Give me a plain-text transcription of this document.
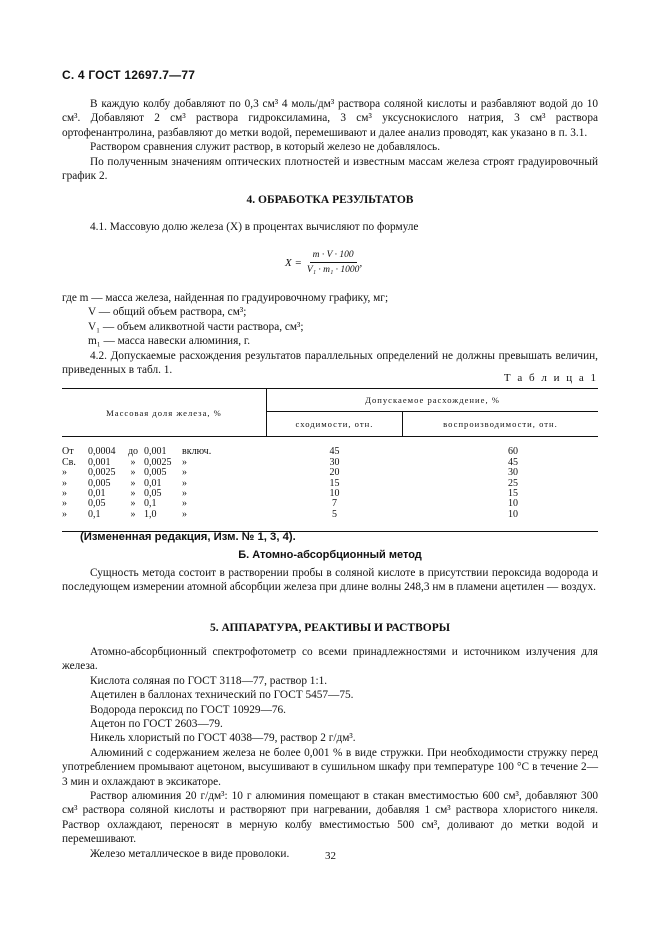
С. 4 ГОСТ 12697.7—77

В каждую колбу добавляют по 0,3 см³ 4 моль/дм³ раствора соляной кислоты и разбавляют водой до 10 см³. Добавляют 2 см³ раствора гидроксиламина, 3 см³ уксуснокислого натрия, 3 см³ раствора ортофенантролина, разбавляют до метки водой, перемешивают и далее анализ проводят, как указано в п. 3.1.

Раствором сравнения служит раствор, в который железо не добавлялось.

По полученным значениям оптических плотностей и известным массам железа строят градуировочный график 2.

4. ОБРАБОТКА РЕЗУЛЬТАТОВ

4.1. Массовую долю железа (X) в процентах вычисляют по формуле

$X = \frac{m \cdot V \cdot 100}{\text{V₁ · m₁ · 1000}}$ ,

где m — масса железа, найденная по градуировочному графику, мг;

V — общий объем раствора, см³;

V₁ — объем аликвотной части раствора, см³;

m₁ — масса навески алюминия, г.

4.2. Допускаемые расхождения результатов параллельных определений не должны превышать величин, приведенных в табл. 1.

Т а б л и ц а 1
Массовая доля железа, %	Допускаемое расхождение, %	
	сходимости, отн.	воспроизводимости, отн.

От 0,0004 до 0,001 включ.	45	60
Св. 0,001 » 0,0025 »	30	45
» 0,0025 » 0,005 »	20	30
» 0,005 » 0,01 »	15	25
» 0,01 » 0,05 »	10	15
» 0,05 » 0,1 »	7	10
» 0,1 » 1,0 »	5	10

(Измененная редакция, Изм. № 1, 3, 4).
Б. Атомно-абсорбционный метод

Сущность метода состоит в растворении пробы в соляной кислоте в присутствии пероксида водорода и последующем измерении атомной абсорбции железа при длине волны 248,3 нм в пламени ацетилен — воздух.

5. АППАРАТУРА, РЕАКТИВЫ И РАСТВОРЫ

Атомно-абсорбционный спектрофотометр со всеми принадлежностями и источником излучения для железа.

Кислота соляная по ГОСТ 3118—77, раствор 1:1.

Ацетилен в баллонах технический по ГОСТ 5457—75.

Водорода пероксид по ГОСТ 10929—76.

Ацетон по ГОСТ 2603—79.

Никель хлористый по ГОСТ 4038—79, раствор 2 г/дм³.

Алюминий с содержанием железа не более 0,001 % в виде стружки. При необходимости стружку перед употреблением промывают ацетоном, высушивают в сушильном шкафу при температуре 100 °С в течение 2—3 мин и охлаждают в эксикаторе.

Раствор алюминия 20 г/дм³: 10 г алюминия помещают в стакан вместимостью 600 см³, добавляют 300 см³ раствора соляной кислоты и растворяют при нагревании, добавляя 1 см³ раствора хлористого никеля. Раствор охлаждают, переносят в мерную колбу вместимостью 500 см³, доливают до метки водой и перемешивают.

Железо металлическое в виде проволоки.	32
